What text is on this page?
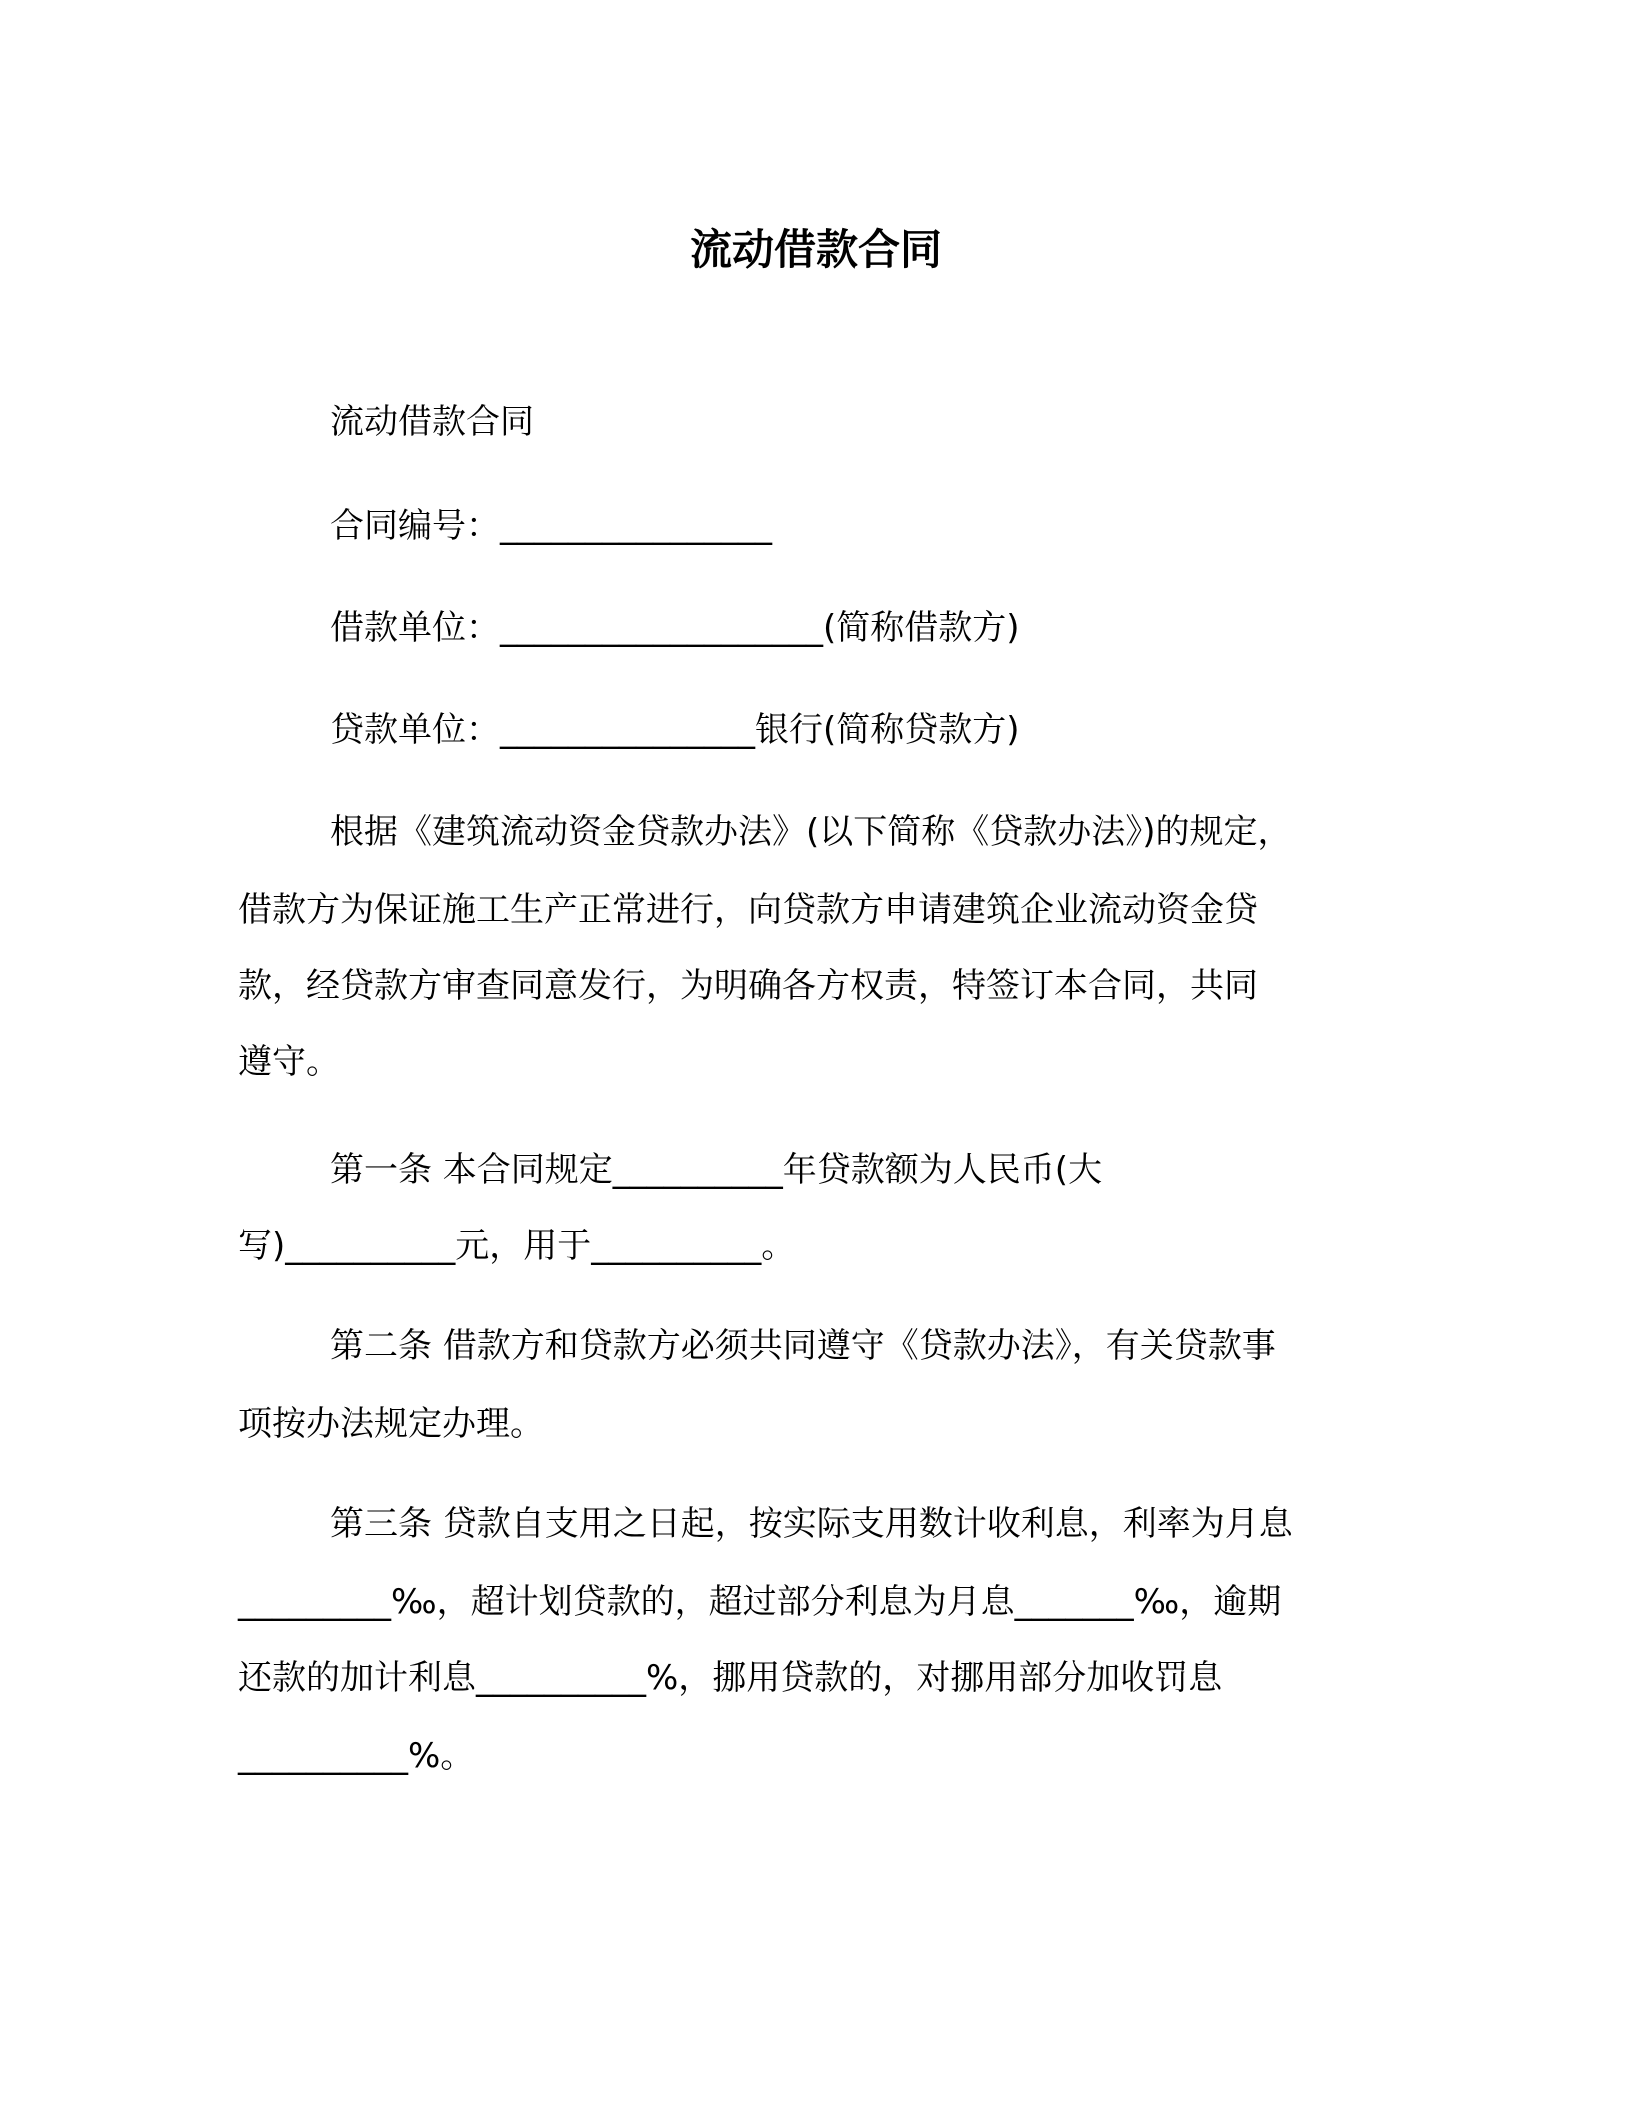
流动借款合同
流动借款合同
合同编号：________________
借款单位：___________________(简称借款方)
贷款单位：_______________银行(简称贷款方)
根据《建筑流动资金贷款办法》(以下简称《贷款办法》)的规定，
借款方为保证施工生产正常进行，向贷款方申请建筑企业流动资金贷
款，经贷款方审查同意发行，为明确各方权责，特签订本合同，共同
遵守。
第一条 本合同规定__________年贷款额为人民币(大
写)__________元，用于__________。
第二条 借款方和贷款方必须共同遵守《贷款办法》，有关贷款事
项按办法规定办理。
第三条 贷款自支用之日起，按实际支用数计收利息，利率为月息
_________‰，超计划贷款的，超过部分利息为月息_______‰，逾期
还款的加计利息__________%，挪用贷款的，对挪用部分加收罚息
__________%。
